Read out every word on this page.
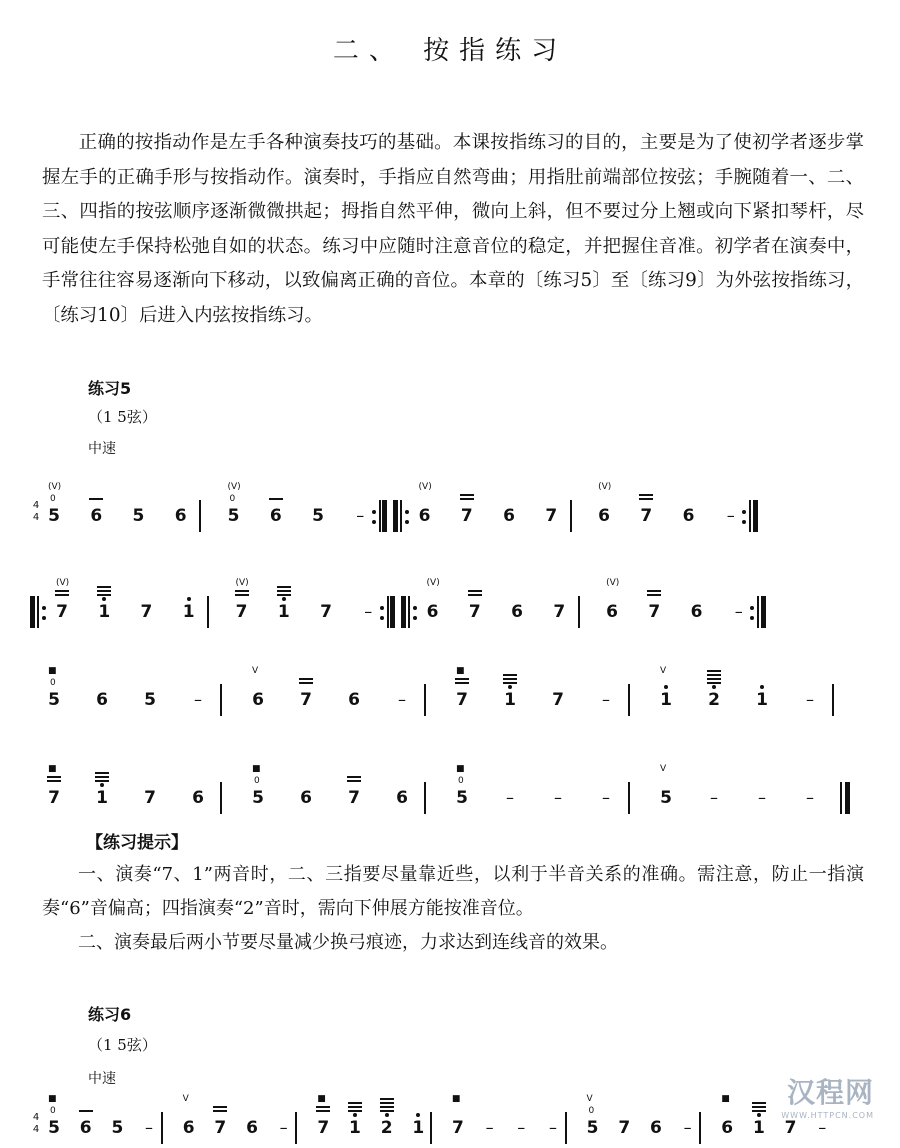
二、 按指练习

正确的按指动作是左手各种演奏技巧的基础。本课按指练习的目的，主要是为了使初学者逐步掌握左手的正确手形与按指动作。演奏时，手指应自然弯曲；用指肚前端部位按弦；手腕随着一、二、三、四指的按弦顺序逐渐微微拱起；拇指自然平伸，微向上斜，但不要过分上翘或向下紧扣琴杆，尽可能使左手保持松弛自如的状态。练习中应随时注意音位的稳定，并把握住音准。初学者在演奏中，手常往往容易逐渐向下移动，以致偏离正确的音位。本章的〔练习5〕至〔练习9〕为外弦按指练习，〔练习10〕后进入内弦按指练习。

练习5
（1 5弦）
中速
4
4 5
0
(V)
6 5 6 5
0
(V)
6 5 –	6
(V)
7 6 7 6
(V)
7 6 –
7
(V)
1 7 1 7
(V)
1 7 –	6
(V)
7 6 7 6
(V)
7 6 –
5
0
■
6 5 –	6
V
7 6 –	7
■
1 7 –	1
V
2 1 –
7
■
1 7 6	5
0
■
6 7 6	5
0
■
–	–	–	5
V
–	–	–
【练习提示】

一、演奏“7、1”两音时，二、三指要尽量靠近些，以利于半音关系的准确。需注意，防止一指演奏“6”音偏高；四指演奏“2”音时，需向下伸展方能按准音位。

二、演奏最后两小节要尽量减少换弓痕迹，力求达到连线音的效果。

练习6
（1 5弦）
中速
4
4 5
0
■
6 5 – 6
V
7 6 – 7
■
1 2 1 7
■
– – – 5
0
V
7 6 – 6
■
1 7 –
汉程网
WWW.HTTPCN.COM
